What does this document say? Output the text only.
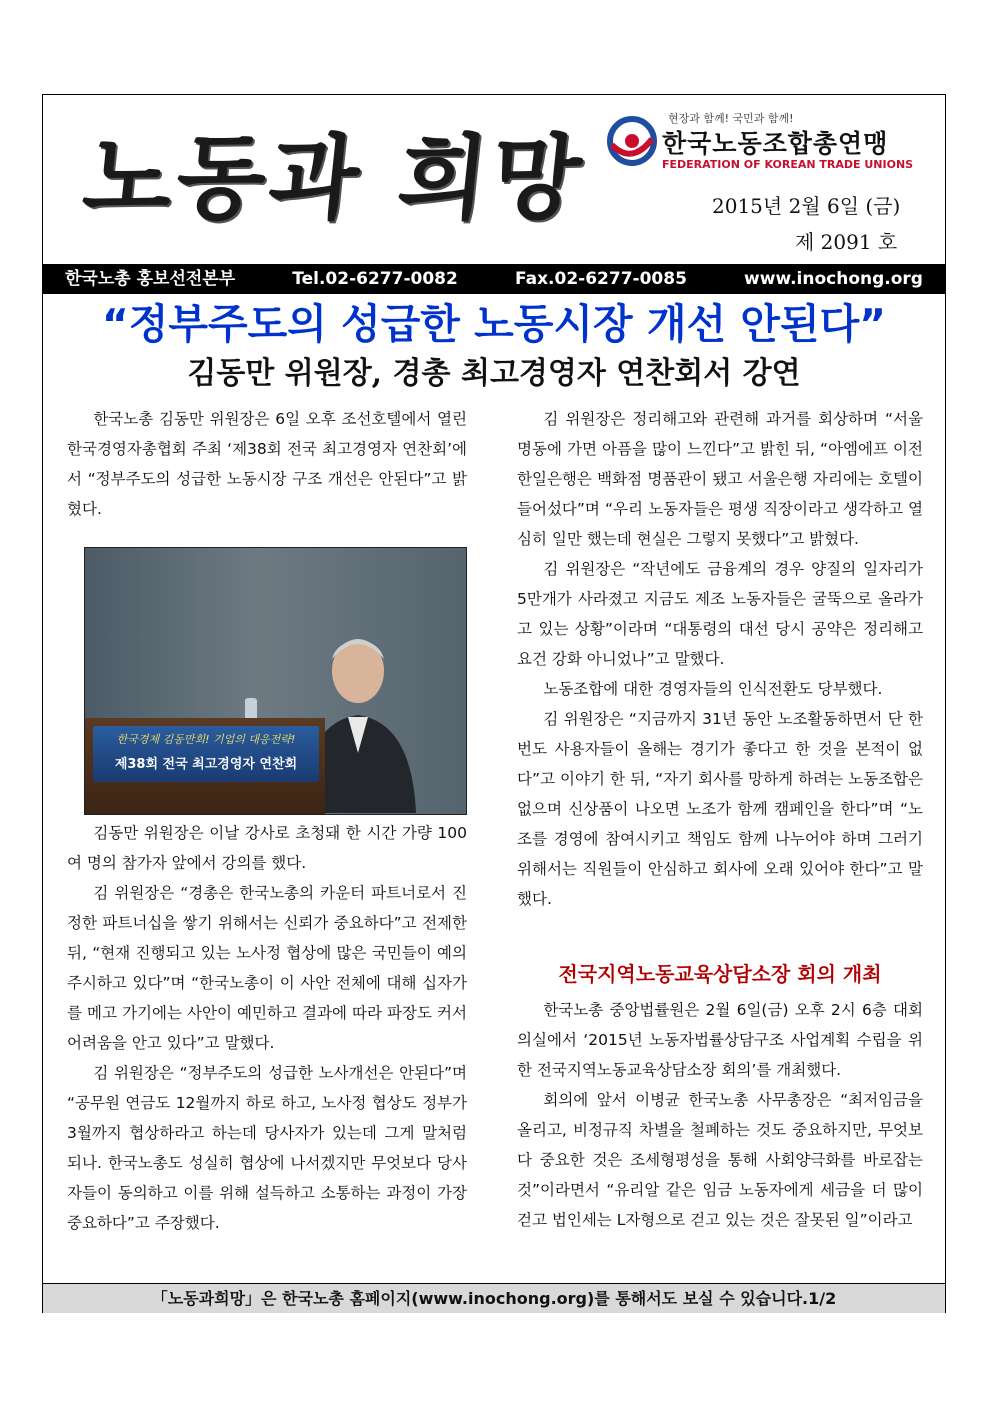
노동과 희망
현장과 함께! 국민과 함께!
한국노동조합총연맹
FEDERATION OF KOREAN TRADE UNIONS
2015년 2월 6일 (금)
제 2091 호
한국노총 홍보선전본부	Tel.02-6277-0082	Fax.02-6277-0085	www.inochong.org
“정부주도의 성급한 노동시장 개선 안된다”
김동만 위원장, 경총 최고경영자 연찬회서 강연

한국노총 김동만 위원장은 6일 오후 조선호텔에서 열린 한국경영자총협회 주최 ‘제38회 전국 최고경영자 연찬회’에서 “정부주도의 성급한 노동시장 구조 개선은 안된다”고 밝혔다.

한국경제 김동만회! 기업의 대응전략!
제38회 전국 최고경영자 연찬회

김동만 위원장은 이날 강사로 초청돼 한 시간 가량 100여 명의 참가자 앞에서 강의를 했다.

김 위원장은 “경총은 한국노총의 카운터 파트너로서 진정한 파트너십을 쌓기 위해서는 신뢰가 중요하다”고 전제한 뒤, “현재 진행되고 있는 노사정 협상에 많은 국민들이 예의 주시하고 있다”며 “한국노총이 이 사안 전체에 대해 십자가를 메고 가기에는 사안이 예민하고 결과에 따라 파장도 커서 어려움을 안고 있다”고 말했다.

김 위원장은 “정부주도의 성급한 노사개선은 안된다”며 “공무원 연금도 12월까지 하로 하고, 노사정 협상도 정부가 3월까지 협상하라고 하는데 당사자가 있는데 그게 말처럼 되나. 한국노총도 성실히 협상에 나서겠지만 무엇보다 당사자들이 동의하고 이를 위해 설득하고 소통하는 과정이 가장 중요하다”고 주장했다.

김 위원장은 정리해고와 관련해 과거를 회상하며 “서울 명동에 가면 아픔을 많이 느낀다”고 밝힌 뒤, “아엠에프 이전 한일은행은 백화점 명품관이 됐고 서울은행 자리에는 호텔이 들어섰다”며 “우리 노동자들은 평생 직장이라고 생각하고 열심히 일만 했는데 현실은 그렇지 못했다”고 밝혔다.

김 위원장은 “작년에도 금융계의 경우 양질의 일자리가 5만개가 사라졌고 지금도 제조 노동자들은 굴뚝으로 올라가고 있는 상황”이라며 “대통령의 대선 당시 공약은 정리해고 요건 강화 아니었나”고 말했다.

노동조합에 대한 경영자들의 인식전환도 당부했다.

김 위원장은 “지금까지 31년 동안 노조활동하면서 단 한번도 사용자들이 올해는 경기가 좋다고 한 것을 본적이 없다”고 이야기 한 뒤, “자기 회사를 망하게 하려는 노동조합은 없으며 신상품이 나오면 노조가 함께 캠페인을 한다”며 “노조를 경영에 참여시키고 책임도 함께 나누어야 하며 그러기 위해서는 직원들이 안심하고 회사에 오래 있어야 한다”고 말했다.

전국지역노동교육상담소장 회의 개최

한국노총 중앙법률원은 2월 6일(금) 오후 2시 6층 대회의실에서 ‘2015년 노동자법률상담구조 사업계획 수립을 위한 전국지역노동교육상담소장 회의’를 개최했다.

회의에 앞서 이병균 한국노총 사무총장은 “최저임금을 올리고, 비정규직 차별을 철폐하는 것도 중요하지만, 무엇보다 중요한 것은 조세형평성을 통해 사회양극화를 바로잡는 것”이라면서 “유리알 같은 임금 노동자에게 세금을 더 많이 걷고 법인세는 L자형으로 걷고 있는 것은 잘못된 일”이라고

「노동과희망」은 한국노총 홈페이지(www.inochong.org)를 통해서도 보실 수 있습니다.1/2
